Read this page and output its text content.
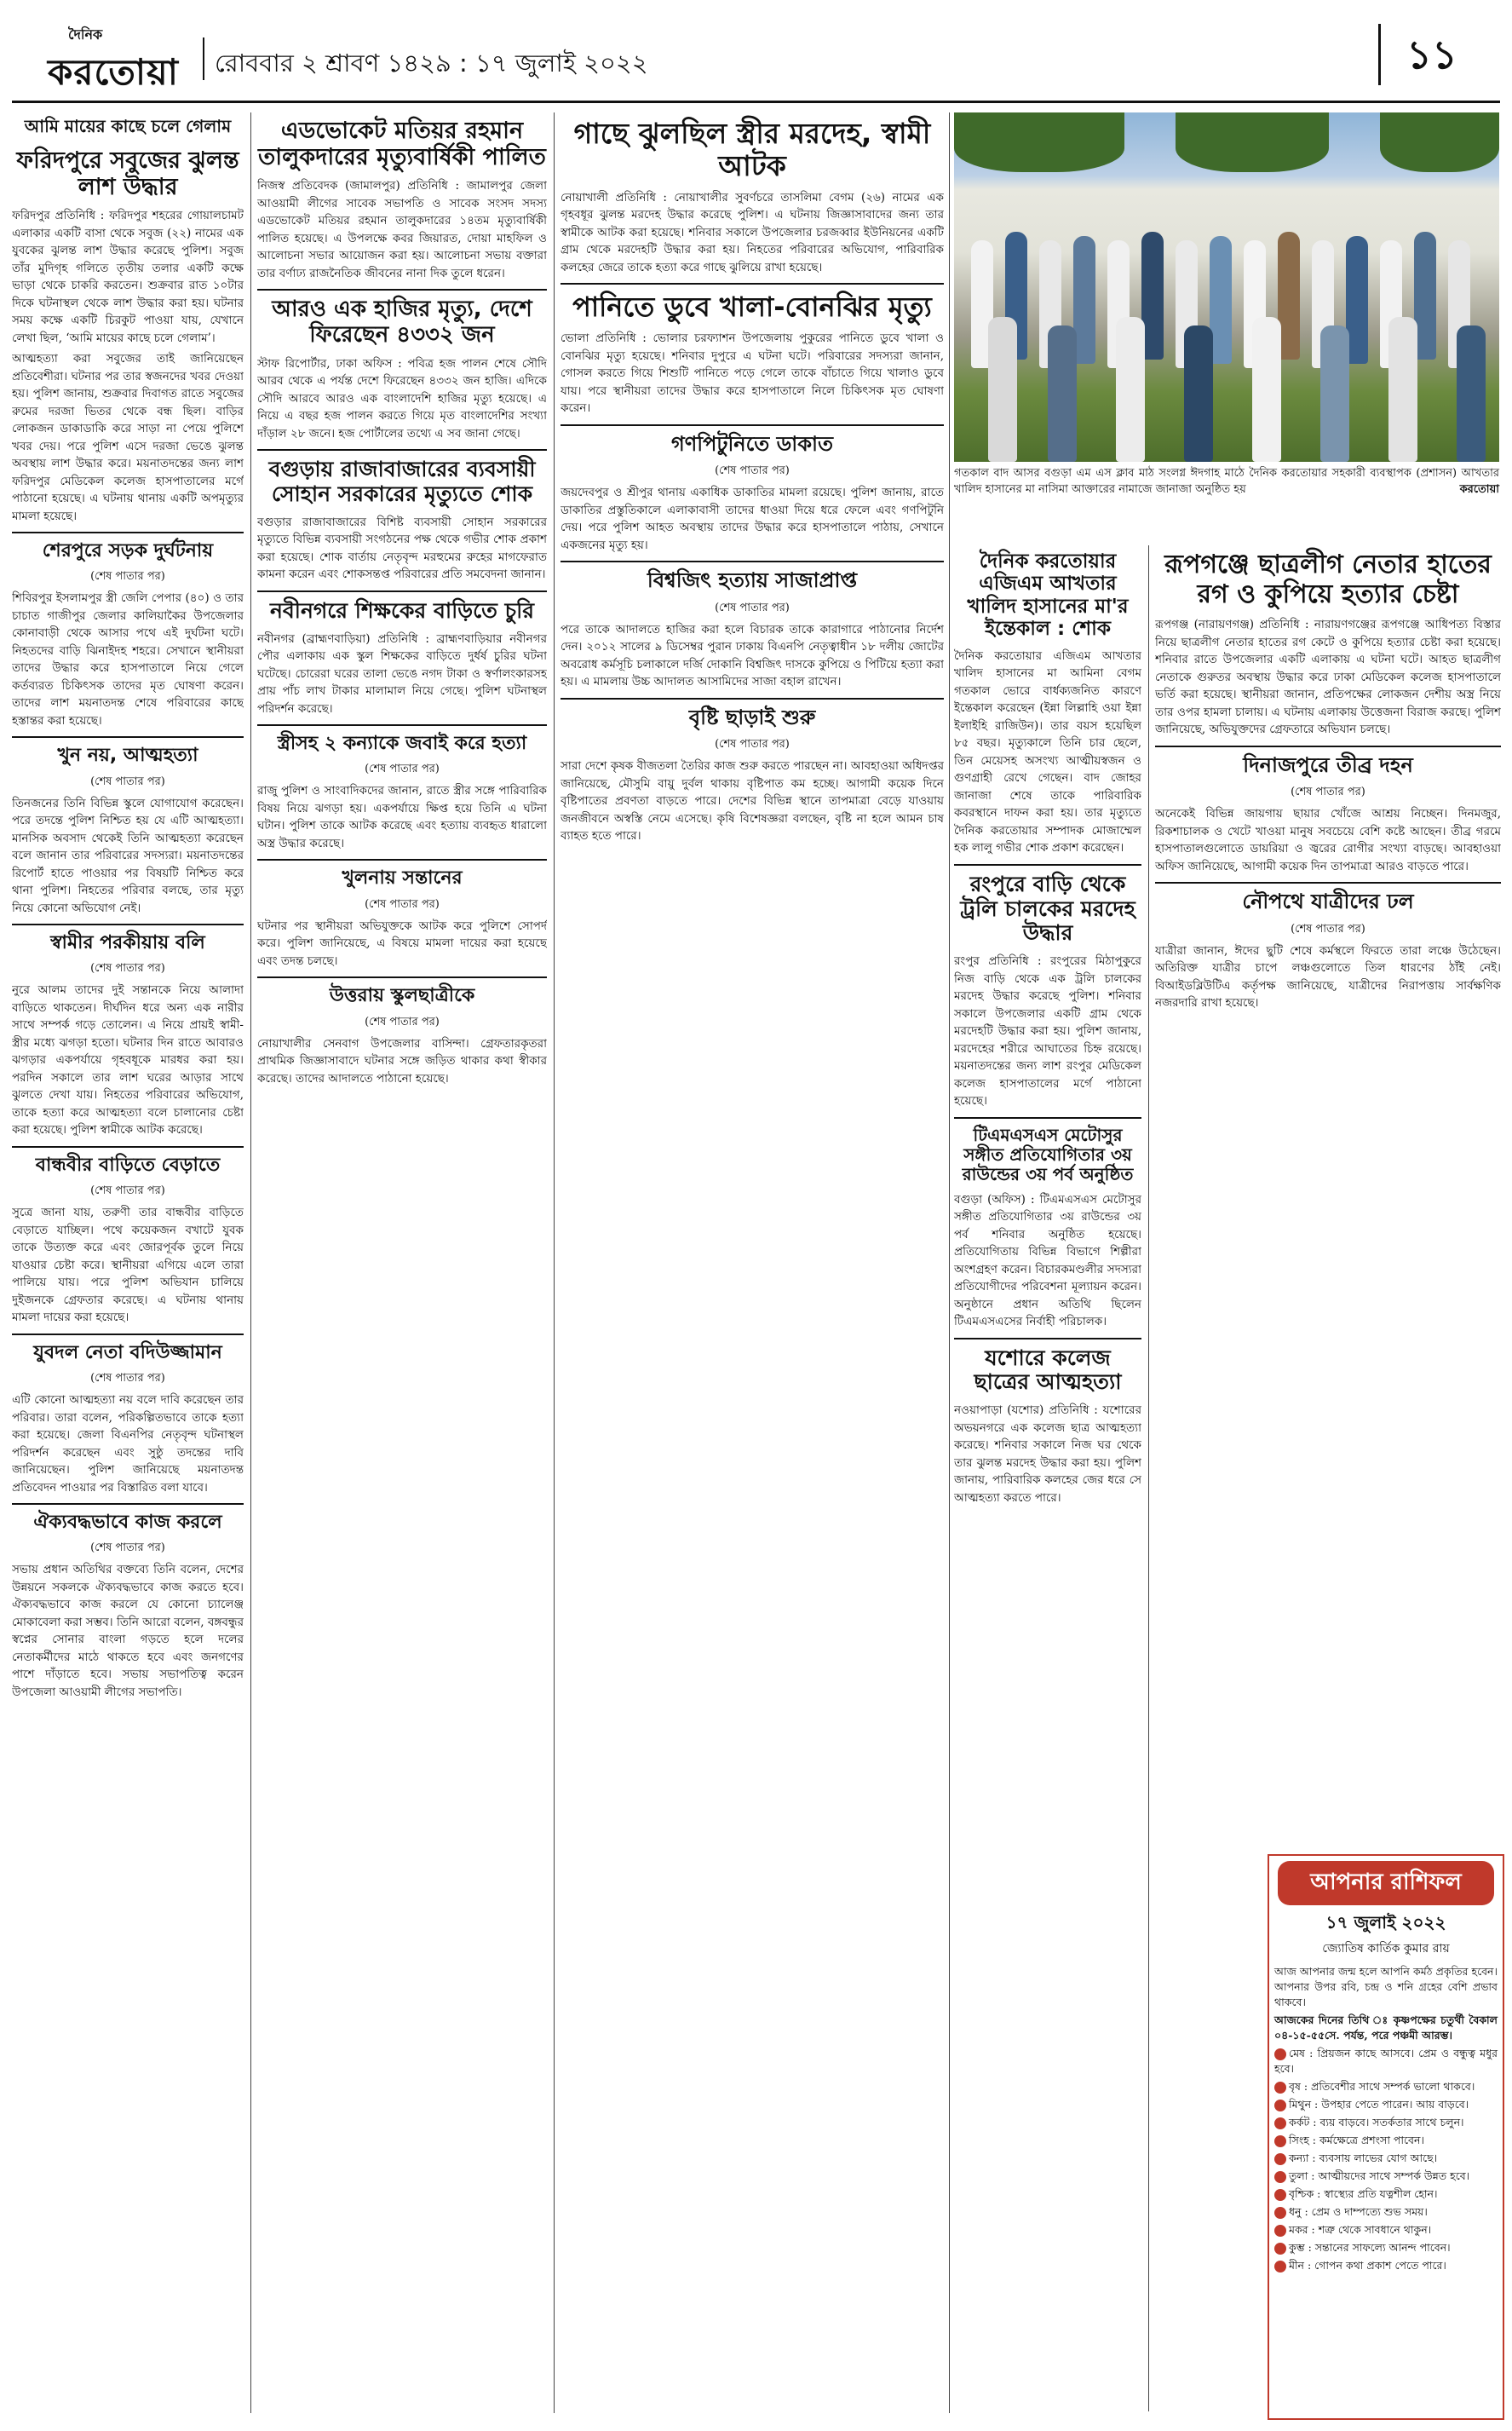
দৈনিক
করতোয়া রোববার ২ শ্রাবণ ১৪২৯ : ১৭ জুলাই ২০২২	১১
আমি মায়ের কাছে চলে গেলাম
ফরিদপুরে সবুজের ঝুলন্ত লাশ উদ্ধার

ফরিদপুর প্রতিনিধি : ফরিদপুর শহরের গোয়ালচামট এলাকার একটি বাসা থেকে সবুজ (২২) নামের এক যুবকের ঝুলন্ত লাশ উদ্ধার করেছে পুলিশ। সবুজ তাঁর মুদিগৃহ গলিতে তৃতীয় তলার একটি কক্ষে ভাড়া থেকে চাকরি করতেন। শুক্রবার রাত ১০টার দিকে ঘটনাস্থল থেকে লাশ উদ্ধার করা হয়। ঘটনার সময় কক্ষে একটি চিরকুট পাওয়া যায়, যেখানে লেখা ছিল, ‘আমি মায়ের কাছে চলে গেলাম’।

আত্মহত্যা করা সবুজের তাই জানিয়েছেন প্রতিবেশীরা। ঘটনার পর তার স্বজনদের খবর দেওয়া হয়। পুলিশ জানায়, শুক্রবার দিবাগত রাতে সবুজের রুমের দরজা ভিতর থেকে বন্ধ ছিল। বাড়ির লোকজন ডাকাডাকি করে সাড়া না পেয়ে পুলিশে খবর দেয়। পরে পুলিশ এসে দরজা ভেঙে ঝুলন্ত অবস্থায় লাশ উদ্ধার করে। ময়নাতদন্তের জন্য লাশ ফরিদপুর মেডিকেল কলেজ হাসপাতালের মর্গে পাঠানো হয়েছে। এ ঘটনায় থানায় একটি অপমৃত্যুর মামলা হয়েছে।

শেরপুরে সড়ক দুর্ঘটনায়
(শেষ পাতার পর)

শিবিরপুর ইসলামপুর স্ত্রী জেলি পেপার (৪০) ও তার চাচাত গাজীপুর জেলার কালিয়াকৈর উপজেলার কোনাবাড়ী থেকে আসার পথে এই দুর্ঘটনা ঘটে। নিহতদের বাড়ি ঝিনাইদহ শহরে। সেখানে স্থানীয়রা তাদের উদ্ধার করে হাসপাতালে নিয়ে গেলে কর্তব্যরত চিকিৎসক তাদের মৃত ঘোষণা করেন। তাদের লাশ ময়নাতদন্ত শেষে পরিবারের কাছে হস্তান্তর করা হয়েছে।

খুন নয়, আত্মহত্যা
(শেষ পাতার পর)

তিনজনের তিনি বিভিন্ন স্কুলে যোগাযোগ করেছেন। পরে তদন্তে পুলিশ নিশ্চিত হয় যে এটি আত্মহত্যা। মানসিক অবসাদ থেকেই তিনি আত্মহত্যা করেছেন বলে জানান তার পরিবারের সদস্যরা। ময়নাতদন্তের রিপোর্ট হাতে পাওয়ার পর বিষয়টি নিশ্চিত করে থানা পুলিশ। নিহতের পরিবার বলছে, তার মৃত্যু নিয়ে কোনো অভিযোগ নেই।

স্বামীর পরকীয়ায় বলি
(শেষ পাতার পর)

নুরে আলম তাদের দুই সন্তানকে নিয়ে আলাদা বাড়িতে থাকতেন। দীর্ঘদিন ধরে অন্য এক নারীর সাথে সম্পর্ক গড়ে তোলেন। এ নিয়ে প্রায়ই স্বামী-স্ত্রীর মধ্যে ঝগড়া হতো। ঘটনার দিন রাতে আবারও ঝগড়ার একপর্যায়ে গৃহবধূকে মারধর করা হয়। পরদিন সকালে তার লাশ ঘরের আড়ার সাথে ঝুলতে দেখা যায়। নিহতের পরিবারের অভিযোগ, তাকে হত্যা করে আত্মহত্যা বলে চালানোর চেষ্টা করা হয়েছে। পুলিশ স্বামীকে আটক করেছে।

বান্ধবীর বাড়িতে বেড়াতে
(শেষ পাতার পর)

সুত্রে জানা যায়, তরুণী তার বান্ধবীর বাড়িতে বেড়াতে যাচ্ছিল। পথে কয়েকজন বখাটে যুবক তাকে উত্যক্ত করে এবং জোরপূর্বক তুলে নিয়ে যাওয়ার চেষ্টা করে। স্থানীয়রা এগিয়ে এলে তারা পালিয়ে যায়। পরে পুলিশ অভিযান চালিয়ে দুইজনকে গ্রেফতার করেছে। এ ঘটনায় থানায় মামলা দায়ের করা হয়েছে।

যুবদল নেতা বদিউজ্জামান
(শেষ পাতার পর)

এটি কোনো আত্মহত্যা নয় বলে দাবি করেছেন তার পরিবার। তারা বলেন, পরিকল্পিতভাবে তাকে হত্যা করা হয়েছে। জেলা বিএনপির নেতৃবৃন্দ ঘটনাস্থল পরিদর্শন করেছেন এবং সুষ্ঠু তদন্তের দাবি জানিয়েছেন। পুলিশ জানিয়েছে ময়নাতদন্ত প্রতিবেদন পাওয়ার পর বিস্তারিত বলা যাবে।

ঐক্যবদ্ধভাবে কাজ করলে
(শেষ পাতার পর)

সভায় প্রধান অতিথির বক্তব্যে তিনি বলেন, দেশের উন্নয়নে সকলকে ঐক্যবদ্ধভাবে কাজ করতে হবে। ঐক্যবদ্ধভাবে কাজ করলে যে কোনো চ্যালেঞ্জ মোকাবেলা করা সম্ভব। তিনি আরো বলেন, বঙ্গবন্ধুর স্বপ্নের সোনার বাংলা গড়তে হলে দলের নেতাকর্মীদের মাঠে থাকতে হবে এবং জনগণের পাশে দাঁড়াতে হবে। সভায় সভাপতিত্ব করেন উপজেলা আওয়ামী লীগের সভাপতি।

এডভোকেট মতিয়র রহমান তালুকদারের মৃত্যুবার্ষিকী পালিত

নিজস্ব প্রতিবেদক (জামালপুর) প্রতিনিধি : জামালপুর জেলা আওয়ামী লীগের সাবেক সভাপতি ও সাবেক সংসদ সদস্য এডভোকেট মতিয়র রহমান তালুকদারের ১৪তম মৃত্যুবার্ষিকী পালিত হয়েছে। এ উপলক্ষে কবর জিয়ারত, দোয়া মাহফিল ও আলোচনা সভার আয়োজন করা হয়। আলোচনা সভায় বক্তারা তার বর্ণাঢ্য রাজনৈতিক জীবনের নানা দিক তুলে ধরেন।

আরও এক হাজির মৃত্যু, দেশে ফিরেছেন ৪৩৩২ জন

স্টাফ রিপোর্টার, ঢাকা অফিস : পবিত্র হজ পালন শেষে সৌদি আরব থেকে এ পর্যন্ত দেশে ফিরেছেন ৪৩৩২ জন হাজি। এদিকে সৌদি আরবে আরও এক বাংলাদেশি হাজির মৃত্যু হয়েছে। এ নিয়ে এ বছর হজ পালন করতে গিয়ে মৃত বাংলাদেশির সংখ্যা দাঁড়াল ২৮ জনে। হজ পোর্টালের তথ্যে এ সব জানা গেছে।

বগুড়ায় রাজাবাজারের ব্যবসায়ী সোহান সরকারের মৃত্যুতে শোক

বগুড়ার রাজাবাজারের বিশিষ্ট ব্যবসায়ী সোহান সরকারের মৃত্যুতে বিভিন্ন ব্যবসায়ী সংগঠনের পক্ষ থেকে গভীর শোক প্রকাশ করা হয়েছে। শোক বার্তায় নেতৃবৃন্দ মরহুমের রুহের মাগফেরাত কামনা করেন এবং শোকসন্তপ্ত পরিবারের প্রতি সমবেদনা জানান।

নবীনগরে শিক্ষকের বাড়িতে চুরি

নবীনগর (ব্রাহ্মণবাড়িয়া) প্রতিনিধি : ব্রাহ্মণবাড়িয়ার নবীনগর পৌর এলাকায় এক স্কুল শিক্ষকের বাড়িতে দুর্ধর্ষ চুরির ঘটনা ঘটেছে। চোরেরা ঘরের তালা ভেঙে নগদ টাকা ও স্বর্ণালংকারসহ প্রায় পাঁচ লাখ টাকার মালামাল নিয়ে গেছে। পুলিশ ঘটনাস্থল পরিদর্শন করেছে।

স্ত্রীসহ ২ কন্যাকে জবাই করে হত্যা
(শেষ পাতার পর)

রাজু পুলিশ ও সাংবাদিকদের জানান, রাতে স্ত্রীর সঙ্গে পারিবারিক বিষয় নিয়ে ঝগড়া হয়। একপর্যায়ে ক্ষিপ্ত হয়ে তিনি এ ঘটনা ঘটান। পুলিশ তাকে আটক করেছে এবং হত্যায় ব্যবহৃত ধারালো অস্ত্র উদ্ধার করেছে।

খুলনায় সন্তানের
(শেষ পাতার পর)

ঘটনার পর স্থানীয়রা অভিযুক্তকে আটক করে পুলিশে সোপর্দ করে। পুলিশ জানিয়েছে, এ বিষয়ে মামলা দায়ের করা হয়েছে এবং তদন্ত চলছে।

উত্তরায় স্কুলছাত্রীকে
(শেষ পাতার পর)

নোয়াখালীর সেনবাগ উপজেলার বাসিন্দা। গ্রেফতারকৃতরা প্রাথমিক জিজ্ঞাসাবাদে ঘটনার সঙ্গে জড়িত থাকার কথা স্বীকার করেছে। তাদের আদালতে পাঠানো হয়েছে।

গাছে ঝুলছিল স্ত্রীর মরদেহ, স্বামী আটক

নোয়াখালী প্রতিনিধি : নোয়াখালীর সুবর্ণচরে তাসলিমা বেগম (২৬) নামের এক গৃহবধূর ঝুলন্ত মরদেহ উদ্ধার করেছে পুলিশ। এ ঘটনায় জিজ্ঞাসাবাদের জন্য তার স্বামীকে আটক করা হয়েছে। শনিবার সকালে উপজেলার চরজব্বার ইউনিয়নের একটি গ্রাম থেকে মরদেহটি উদ্ধার করা হয়। নিহতের পরিবারের অভিযোগ, পারিবারিক কলহের জেরে তাকে হত্যা করে গাছে ঝুলিয়ে রাখা হয়েছে।

পানিতে ডুবে খালা-বোনঝির মৃত্যু

ভোলা প্রতিনিধি : ভোলার চরফ্যাশন উপজেলায় পুকুরের পানিতে ডুবে খালা ও বোনঝির মৃত্যু হয়েছে। শনিবার দুপুরে এ ঘটনা ঘটে। পরিবারের সদস্যরা জানান, গোসল করতে গিয়ে শিশুটি পানিতে পড়ে গেলে তাকে বাঁচাতে গিয়ে খালাও ডুবে যায়। পরে স্থানীয়রা তাদের উদ্ধার করে হাসপাতালে নিলে চিকিৎসক মৃত ঘোষণা করেন।

গণপিটুনিতে ডাকাত
(শেষ পাতার পর)

জয়দেবপুর ও শ্রীপুর থানায় একাধিক ডাকাতির মামলা রয়েছে। পুলিশ জানায়, রাতে ডাকাতির প্রস্তুতিকালে এলাকাবাসী তাদের ধাওয়া দিয়ে ধরে ফেলে এবং গণপিটুনি দেয়। পরে পুলিশ আহত অবস্থায় তাদের উদ্ধার করে হাসপাতালে পাঠায়, সেখানে একজনের মৃত্যু হয়।

বিশ্বজিৎ হত্যায় সাজাপ্রাপ্ত
(শেষ পাতার পর)

পরে তাকে আদালতে হাজির করা হলে বিচারক তাকে কারাগারে পাঠানোর নির্দেশ দেন। ২০১২ সালের ৯ ডিসেম্বর পুরান ঢাকায় বিএনপি নেতৃত্বাধীন ১৮ দলীয় জোটের অবরোধ কর্মসূচি চলাকালে দর্জি দোকানি বিশ্বজিৎ দাসকে কুপিয়ে ও পিটিয়ে হত্যা করা হয়। এ মামলায় উচ্চ আদালত আসামিদের সাজা বহাল রাখেন।

বৃষ্টি ছাড়াই শুরু
(শেষ পাতার পর)

সারা দেশে কৃষক বীজতলা তৈরির কাজ শুরু করতে পারছেন না। আবহাওয়া অধিদপ্তর জানিয়েছে, মৌসুমি বায়ু দুর্বল থাকায় বৃষ্টিপাত কম হচ্ছে। আগামী কয়েক দিনে বৃষ্টিপাতের প্রবণতা বাড়তে পারে। দেশের বিভিন্ন স্থানে তাপমাত্রা বেড়ে যাওয়ায় জনজীবনে অস্বস্তি নেমে এসেছে। কৃষি বিশেষজ্ঞরা বলছেন, বৃষ্টি না হলে আমন চাষ ব্যাহত হতে পারে।

গতকাল বাদ আসর বগুড়া এম এস ক্লাব মাঠ সংলগ্ন ঈদগাহ মাঠে দৈনিক করতোয়ার সহকারী ব্যবস্থাপক (প্রশাসন) আখতার খালিদ হাসানের মা নাসিমা আক্তারের নামাজে জানাজা অনুষ্ঠিত হয়	করতোয়া
দৈনিক করতোয়ার এজিএম আখতার খালিদ হাসানের মা'র ইন্তেকাল : শোক

দৈনিক করতোয়ার এজিএম আখতার খালিদ হাসানের মা আমিনা বেগম গতকাল ভোরে বার্ধক্যজনিত কারণে ইন্তেকাল করেছেন (ইন্না লিল্লাহি ওয়া ইন্না ইলাইহি রাজিউন)। তার বয়স হয়েছিল ৮৫ বছর। মৃত্যুকালে তিনি চার ছেলে, তিন মেয়েসহ অসংখ্য আত্মীয়স্বজন ও গুণগ্রাহী রেখে গেছেন। বাদ জোহর জানাজা শেষে তাকে পারিবারিক কবরস্থানে দাফন করা হয়। তার মৃত্যুতে দৈনিক করতোয়ার সম্পাদক মোজাম্মেল হক লালু গভীর শোক প্রকাশ করেছেন।

রংপুরে বাড়ি থেকে ট্রলি চালকের মরদেহ উদ্ধার

রংপুর প্রতিনিধি : রংপুরের মিঠাপুকুরে নিজ বাড়ি থেকে এক ট্রলি চালকের মরদেহ উদ্ধার করেছে পুলিশ। শনিবার সকালে উপজেলার একটি গ্রাম থেকে মরদেহটি উদ্ধার করা হয়। পুলিশ জানায়, মরদেহের শরীরে আঘাতের চিহ্ন রয়েছে। ময়নাতদন্তের জন্য লাশ রংপুর মেডিকেল কলেজ হাসপাতালের মর্গে পাঠানো হয়েছে।

টিএমএসএস মেটোসুর সঙ্গীত প্রতিযোগিতার ৩য় রাউন্ডের ৩য় পর্ব অনুষ্ঠিত

বগুড়া (অফিস) : টিএমএসএস মেটোসুর সঙ্গীত প্রতিযোগিতার ৩য় রাউন্ডের ৩য় পর্ব শনিবার অনুষ্ঠিত হয়েছে। প্রতিযোগিতায় বিভিন্ন বিভাগে শিল্পীরা অংশগ্রহণ করেন। বিচারকমণ্ডলীর সদস্যরা প্রতিযোগীদের পরিবেশনা মূল্যায়ন করেন। অনুষ্ঠানে প্রধান অতিথি ছিলেন টিএমএসএসের নির্বাহী পরিচালক।

যশোরে কলেজ ছাত্রের আত্মহত্যা

নওয়াপাড়া (যশোর) প্রতিনিধি : যশোরের অভয়নগরে এক কলেজ ছাত্র আত্মহত্যা করেছে। শনিবার সকালে নিজ ঘর থেকে তার ঝুলন্ত মরদেহ উদ্ধার করা হয়। পুলিশ জানায়, পারিবারিক কলহের জের ধরে সে আত্মহত্যা করতে পারে।

রূপগঞ্জে ছাত্রলীগ নেতার হাতের রগ ও কুপিয়ে হত্যার চেষ্টা

রূপগঞ্জ (নারায়ণগঞ্জ) প্রতিনিধি : নারায়ণগঞ্জের রূপগঞ্জে আধিপত্য বিস্তার নিয়ে ছাত্রলীগ নেতার হাতের রগ কেটে ও কুপিয়ে হত্যার চেষ্টা করা হয়েছে। শনিবার রাতে উপজেলার একটি এলাকায় এ ঘটনা ঘটে। আহত ছাত্রলীগ নেতাকে গুরুতর অবস্থায় উদ্ধার করে ঢাকা মেডিকেল কলেজ হাসপাতালে ভর্তি করা হয়েছে। স্থানীয়রা জানান, প্রতিপক্ষের লোকজন দেশীয় অস্ত্র নিয়ে তার ওপর হামলা চালায়। এ ঘটনায় এলাকায় উত্তেজনা বিরাজ করছে। পুলিশ জানিয়েছে, অভিযুক্তদের গ্রেফতারে অভিযান চলছে।

দিনাজপুরে তীব্র দহন
(শেষ পাতার পর)

অনেকেই বিভিন্ন জায়গায় ছায়ার খোঁজে আশ্রয় নিচ্ছেন। দিনমজুর, রিকশাচালক ও খেটে খাওয়া মানুষ সবচেয়ে বেশি কষ্টে আছেন। তীব্র গরমে হাসপাতালগুলোতে ডায়রিয়া ও জ্বরের রোগীর সংখ্যা বাড়ছে। আবহাওয়া অফিস জানিয়েছে, আগামী কয়েক দিন তাপমাত্রা আরও বাড়তে পারে।

নৌপথে যাত্রীদের ঢল
(শেষ পাতার পর)

যাত্রীরা জানান, ঈদের ছুটি শেষে কর্মস্থলে ফিরতে তারা লঞ্চে উঠেছেন। অতিরিক্ত যাত্রীর চাপে লঞ্চগুলোতে তিল ধারণের ঠাঁই নেই। বিআইডব্লিউটিএ কর্তৃপক্ষ জানিয়েছে, যাত্রীদের নিরাপত্তায় সার্বক্ষণিক নজরদারি রাখা হয়েছে।

আপনার রাশিফল
১৭ জুলাই ২০২২
জ্যোতিষ কার্তিক কুমার রায়

আজ আপনার জন্ম হলে আপনি কর্মঠ প্রকৃতির হবেন। আপনার উপর রবি, চন্দ্র ও শনি গ্রহের বেশি প্রভাব থাকবে।

আজকের দিনের তিথি ঃ কৃষ্ণপক্ষের চতুর্থী বৈকাল ০৪-১৫-৫৫সে. পর্যন্ত, পরে পঞ্চমী আরম্ভ।

মেষ : প্রিয়জন কাছে আসবে। প্রেম ও বন্ধুত্ব মধুর হবে।

বৃষ : প্রতিবেশীর সাথে সম্পর্ক ভালো থাকবে।

মিথুন : উপহার পেতে পারেন। আয় বাড়বে।

কর্কট : ব্যয় বাড়বে। সতর্কতার সাথে চলুন।

সিংহ : কর্মক্ষেত্রে প্রশংসা পাবেন।

কন্যা : ব্যবসায় লাভের যোগ আছে।

তুলা : আত্মীয়দের সাথে সম্পর্ক উন্নত হবে।

বৃশ্চিক : স্বাস্থ্যের প্রতি যত্নশীল হোন।

ধনু : প্রেম ও দাম্পত্যে শুভ সময়।

মকর : শত্রু থেকে সাবধানে থাকুন।

কুম্ভ : সন্তানের সাফল্যে আনন্দ পাবেন।

মীন : গোপন কথা প্রকাশ পেতে পারে।
